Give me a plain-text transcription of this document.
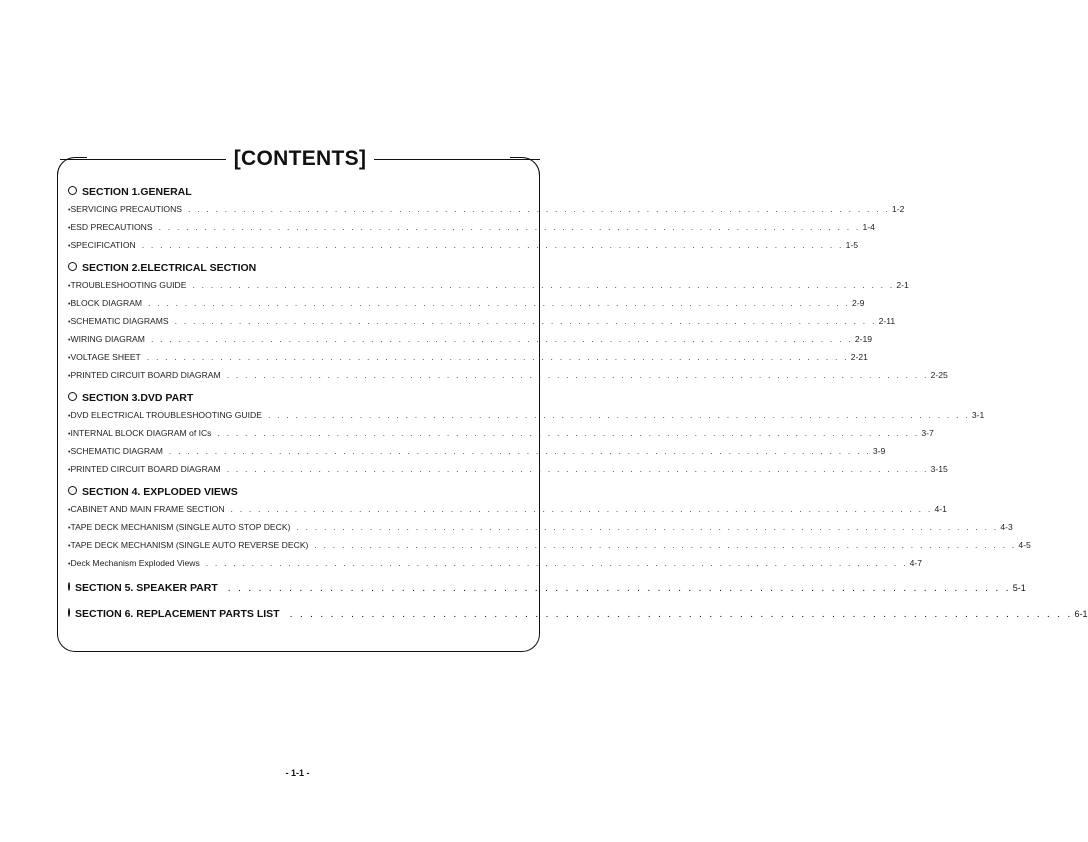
[CONTENTS]
SECTION 1.GENERAL
• SERVICING PRECAUTIONS . . . . . . . . . . . . . . . . . . . . . . . . . . . . . . . . . . . . . . . . . . . . . . . . . . . . . . . . . . . . . . . . . . . . . . . . . . . . . 1-2
• ESD PRECAUTIONS . . . . . . . . . . . . . . . . . . . . . . . . . . . . . . . . . . . . . . . . . . . . . . . . . . . . . . . . . . . . . . . . . . . . . . . . . . . . . 1-4
• SPECIFICATION . . . . . . . . . . . . . . . . . . . . . . . . . . . . . . . . . . . . . . . . . . . . . . . . . . . . . . . . . . . . . . . . . . . . . . . . . . . . . 1-5
SECTION 2.ELECTRICAL SECTION
• TROUBLESHOOTING GUIDE . . . . . . . . . . . . . . . . . . . . . . . . . . . . . . . . . . . . . . . . . . . . . . . . . . . . . . . . . . . . . . . . . . . . . . . . . . . . . 2-1
• BLOCK DIAGRAM . . . . . . . . . . . . . . . . . . . . . . . . . . . . . . . . . . . . . . . . . . . . . . . . . . . . . . . . . . . . . . . . . . . . . . . . . . . . . 2-9
• SCHEMATIC DIAGRAMS . . . . . . . . . . . . . . . . . . . . . . . . . . . . . . . . . . . . . . . . . . . . . . . . . . . . . . . . . . . . . . . . . . . . . . . . . . . . . 2-11
• WIRING DIAGRAM . . . . . . . . . . . . . . . . . . . . . . . . . . . . . . . . . . . . . . . . . . . . . . . . . . . . . . . . . . . . . . . . . . . . . . . . . . . . . 2-19
• VOLTAGE SHEET . . . . . . . . . . . . . . . . . . . . . . . . . . . . . . . . . . . . . . . . . . . . . . . . . . . . . . . . . . . . . . . . . . . . . . . . . . . . . 2-21
• PRINTED CIRCUIT BOARD DIAGRAM . . . . . . . . . . . . . . . . . . . . . . . . . . . . . . . . . . . . . . . . . . . . . . . . . . . . . . . . . . . . . . . . . . . . . . . . . . . . . 2-25
SECTION 3.DVD PART
• DVD ELECTRICAL TROUBLESHOOTING GUIDE . . . . . . . . . . . . . . . . . . . . . . . . . . . . . . . . . . . . . . . . . . . . . . . . . . . . . . . . . . . . . . . . . . . . . . . . . . . . . 3-1
• INTERNAL BLOCK DIAGRAM of ICs . . . . . . . . . . . . . . . . . . . . . . . . . . . . . . . . . . . . . . . . . . . . . . . . . . . . . . . . . . . . . . . . . . . . . . . . . . . . . 3-7
• SCHEMATIC DIAGRAM . . . . . . . . . . . . . . . . . . . . . . . . . . . . . . . . . . . . . . . . . . . . . . . . . . . . . . . . . . . . . . . . . . . . . . . . . . . . . 3-9
• PRINTED CIRCUIT BOARD DIAGRAM . . . . . . . . . . . . . . . . . . . . . . . . . . . . . . . . . . . . . . . . . . . . . . . . . . . . . . . . . . . . . . . . . . . . . . . . . . . . . 3-15
SECTION 4. EXPLODED VIEWS
• CABINET AND MAIN FRAME SECTION . . . . . . . . . . . . . . . . . . . . . . . . . . . . . . . . . . . . . . . . . . . . . . . . . . . . . . . . . . . . . . . . . . . . . . . . . . . . . 4-1
• TAPE DECK MECHANISM (SINGLE AUTO STOP DECK) . . . . . . . . . . . . . . . . . . . . . . . . . . . . . . . . . . . . . . . . . . . . . . . . . . . . . . . . . . . . . . . . . . . . . . . . . . . . . 4-3
• TAPE DECK MECHANISM (SINGLE AUTO REVERSE DECK) . . . . . . . . . . . . . . . . . . . . . . . . . . . . . . . . . . . . . . . . . . . . . . . . . . . . . . . . . . . . . . . . . . . . . . . . . . . . . 4-5
• Deck Mechanism Exploded Views . . . . . . . . . . . . . . . . . . . . . . . . . . . . . . . . . . . . . . . . . . . . . . . . . . . . . . . . . . . . . . . . . . . . . . . . . . . . . 4-7
SECTION 5. SPEAKER PART . . . . . . . . . . . . . . . . . . . . . . . . . . . . . . . . . . . . . . . . . . . . . . . . . . . . . . . . . . . . . . . . . . . . . . . . . . . . . 5-1
SECTION 6. REPLACEMENT PARTS LIST . . . . . . . . . . . . . . . . . . . . . . . . . . . . . . . . . . . . . . . . . . . . . . . . . . . . . . . . . . . . . . . . . . . . . . . . . . . . . 6-1
- 1-1 -
